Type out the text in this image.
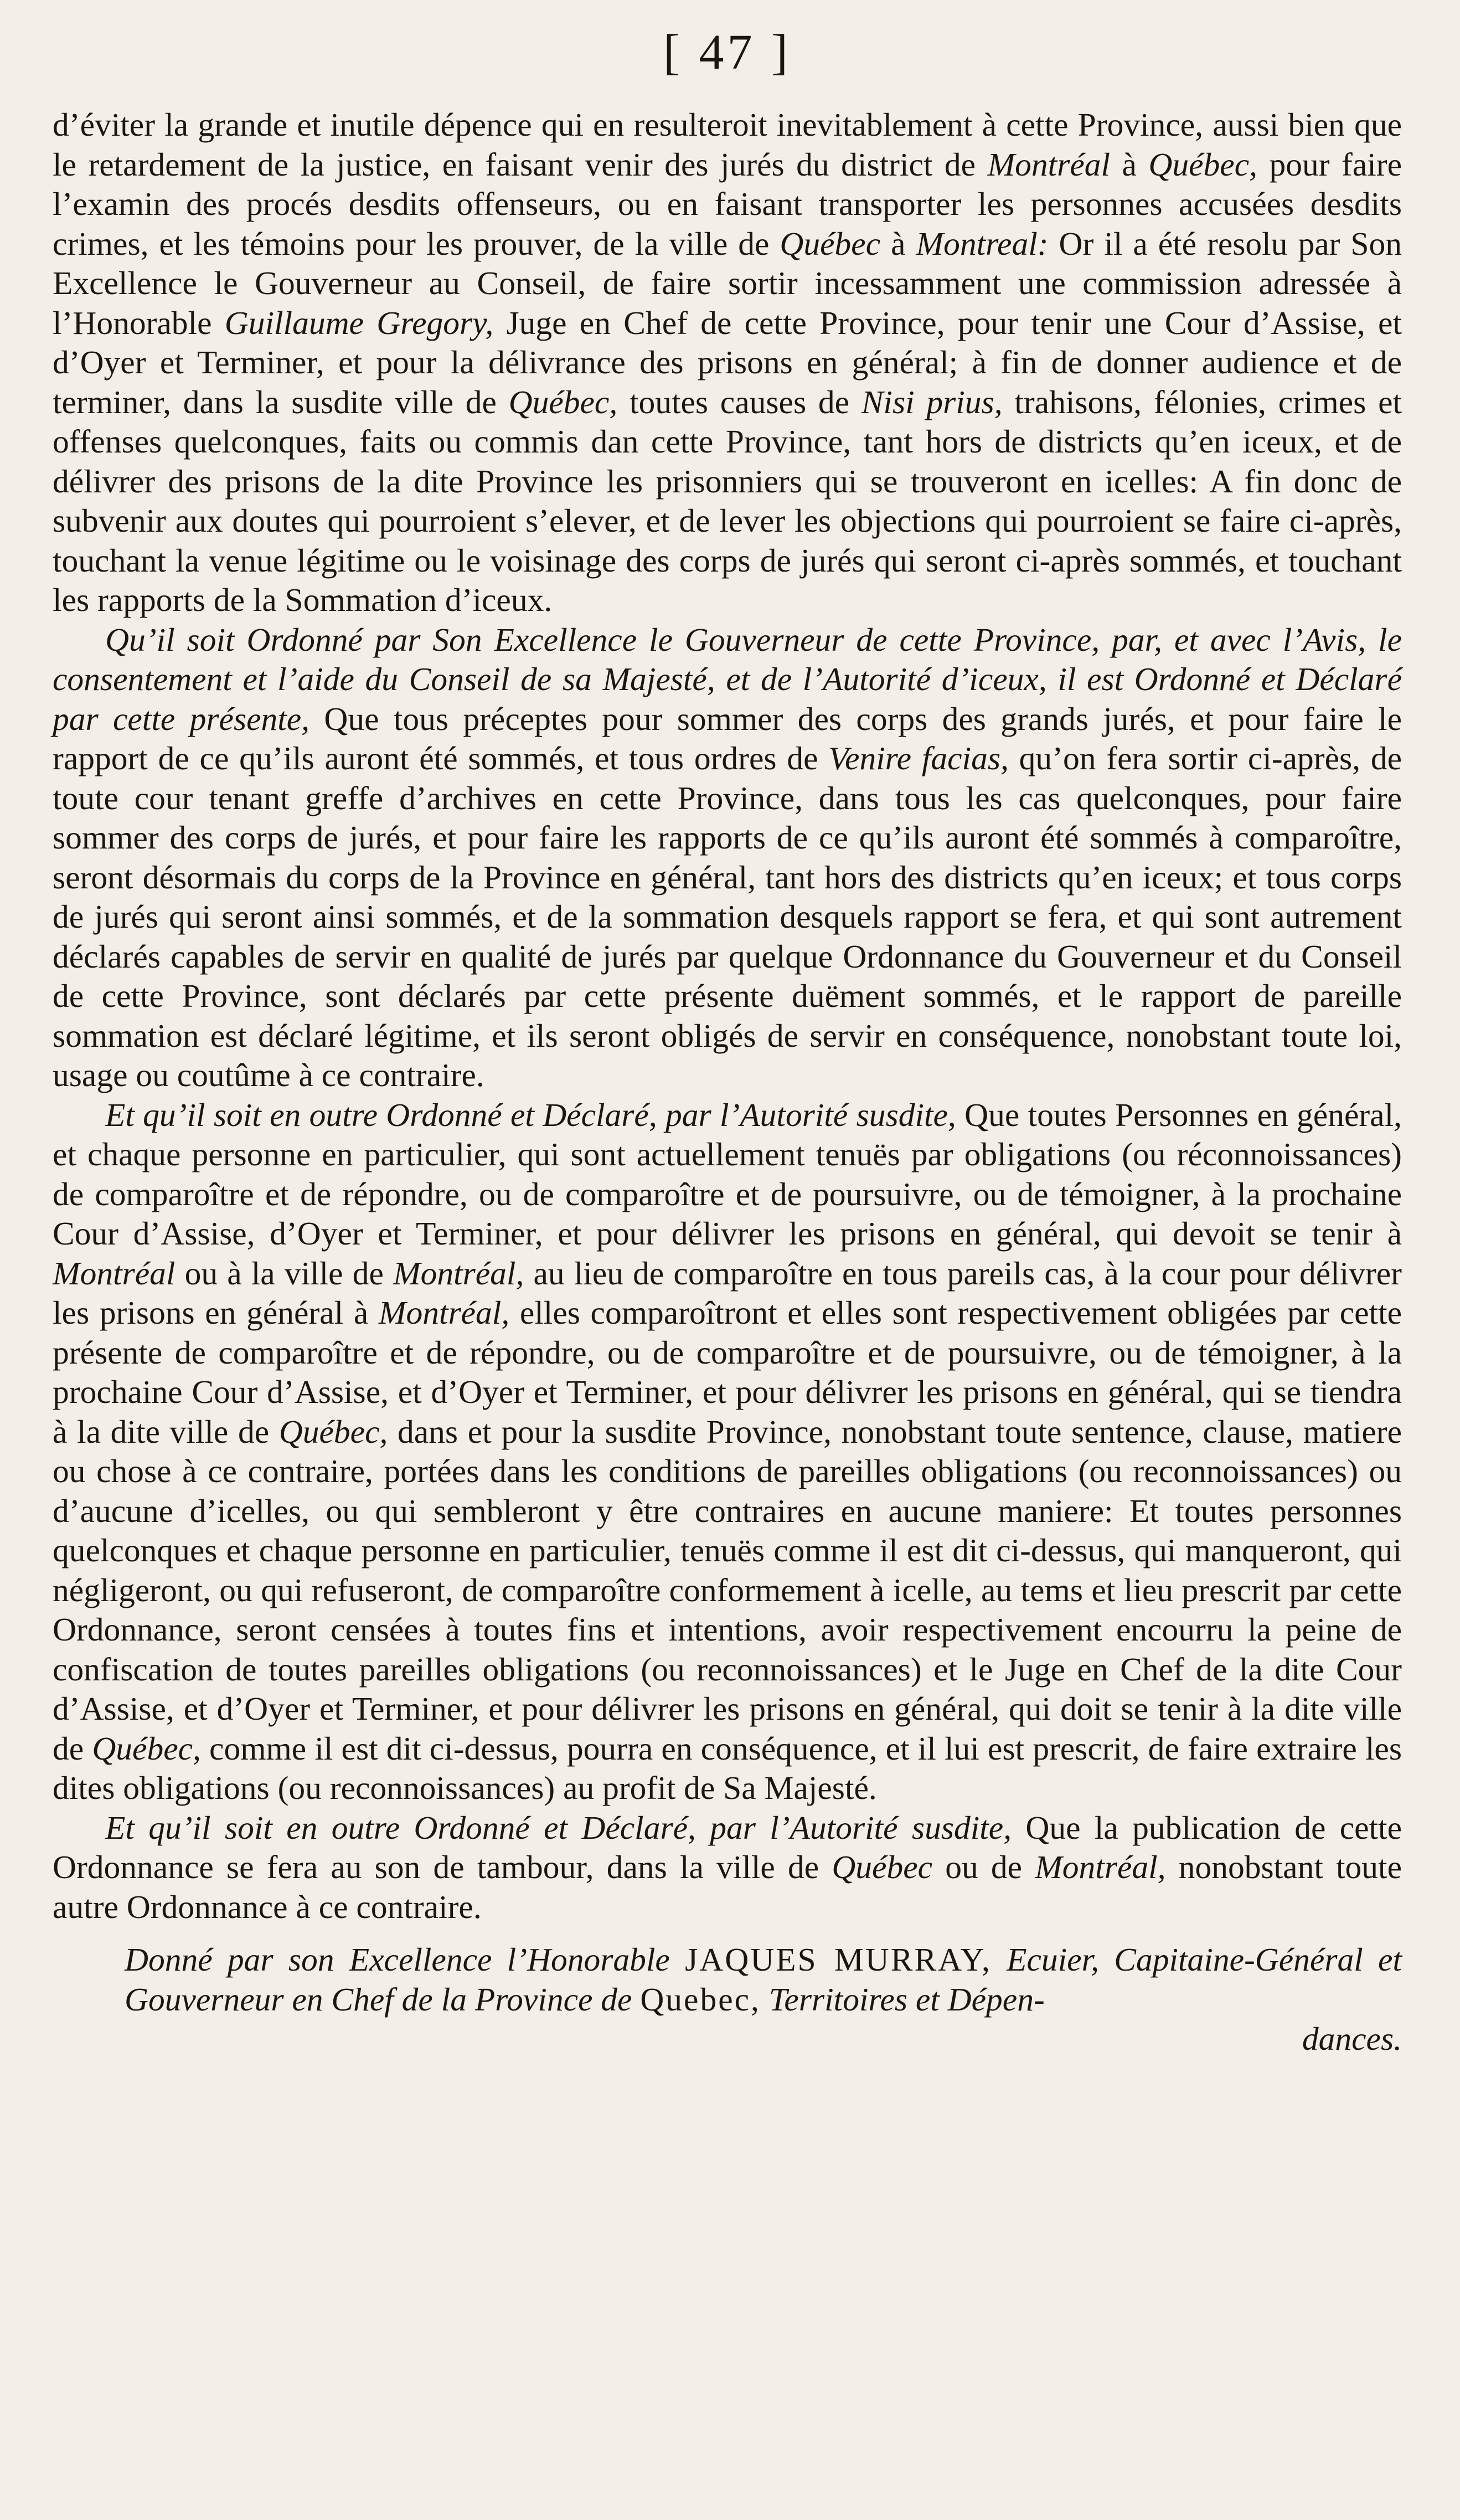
[ 47 ]

d’éviter la grande et inutile dépence qui en resulteroit inevitablement à cette Province, aussi bien que le retardement de la justice, en faisant venir des jurés du district de Montréal à Québec, pour faire l’examin des procés desdits offenseurs, ou en faisant transporter les personnes accusées desdits crimes, et les témoins pour les prouver, de la ville de Québec à Montreal: Or il a été resolu par Son Excellence le Gouverneur au Conseil, de faire sortir incessamment une commission adressée à l’Honorable Guillaume Gregory, Juge en Chef de cette Province, pour tenir une Cour d’Assise, et d’Oyer et Terminer, et pour la délivrance des prisons en général; à fin de donner audience et de terminer, dans la susdite ville de Québec, toutes causes de Nisi prius, trahisons, félonies, crimes et offenses quelconques, faits ou commis dan cette Province, tant hors de districts qu’en iceux, et de délivrer des prisons de la dite Province les prisonniers qui se trouveront en icelles: A fin donc de subvenir aux doutes qui pourroient s’elever, et de lever les objections qui pourroient se faire ci-après, touchant la venue légitime ou le voisinage des corps de jurés qui seront ci-après sommés, et touchant les rapports de la Sommation d’iceux.

Qu’il soit Ordonné par Son Excellence le Gouverneur de cette Province, par, et avec l’Avis, le consentement et l’aide du Conseil de sa Majesté, et de l’Autorité d’iceux, il est Ordonné et Déclaré par cette présente, Que tous préceptes pour sommer des corps des grands jurés, et pour faire le rapport de ce qu’ils auront été sommés, et tous ordres de Venire facias, qu’on fera sortir ci-après, de toute cour tenant greffe d’archives en cette Province, dans tous les cas quelconques, pour faire sommer des corps de jurés, et pour faire les rapports de ce qu’ils auront été sommés à comparoître, seront désormais du corps de la Province en général, tant hors des districts qu’en iceux; et tous corps de jurés qui seront ainsi sommés, et de la sommation desquels rapport se fera, et qui sont autrement déclarés capables de servir en qualité de jurés par quelque Ordonnance du Gouverneur et du Conseil de cette Province, sont déclarés par cette présente duëment sommés, et le rapport de pareille sommation est déclaré légitime, et ils seront obligés de servir en conséquence, nonobstant toute loi, usage ou coutûme à ce contraire.

Et qu’il soit en outre Ordonné et Déclaré, par l’Autorité susdite, Que toutes Personnes en général, et chaque personne en particulier, qui sont actuellement tenuës par obligations (ou réconnoissances) de comparoître et de répondre, ou de comparoître et de poursuivre, ou de témoigner, à la prochaine Cour d’Assise, d’Oyer et Terminer, et pour délivrer les prisons en général, qui devoit se tenir à Montréal ou à la ville de Montréal, au lieu de comparoître en tous pareils cas, à la cour pour délivrer les prisons en général à Montréal, elles comparoîtront et elles sont respectivement obligées par cette présente de comparoître et de répondre, ou de comparoître et de poursuivre, ou de témoigner, à la prochaine Cour d’Assise, et d’Oyer et Terminer, et pour délivrer les prisons en général, qui se tiendra à la dite ville de Québec, dans et pour la susdite Province, nonobstant toute sentence, clause, matiere ou chose à ce contraire, portées dans les conditions de pareilles obligations (ou reconnoissances) ou d’aucune d’icelles, ou qui sembleront y être contraires en aucune maniere: Et toutes personnes quelconques et chaque personne en particulier, tenuës comme il est dit ci-dessus, qui manqueront, qui négligeront, ou qui refuseront, de comparoître conformement à icelle, au tems et lieu prescrit par cette Ordonnance, seront censées à toutes fins et intentions, avoir respectivement encourru la peine de confiscation de toutes pareilles obligations (ou reconnoissances) et le Juge en Chef de la dite Cour d’Assise, et d’Oyer et Terminer, et pour délivrer les prisons en général, qui doit se tenir à la dite ville de Québec, comme il est dit ci-dessus, pourra en conséquence, et il lui est prescrit, de faire extraire les dites obligations (ou reconnoissances) au profit de Sa Majesté.

Et qu’il soit en outre Ordonné et Déclaré, par l’Autorité susdite, Que la publication de cette Ordonnance se fera au son de tambour, dans la ville de Québec ou de Montréal, nonobstant toute autre Ordonnance à ce contraire.

Donné par son Excellence l’Honorable JAQUES MURRAY, Ecuier, Capitaine-Général et Gouverneur en Chef de la Province de Quebec, Territoires et Dépen-
dances.
